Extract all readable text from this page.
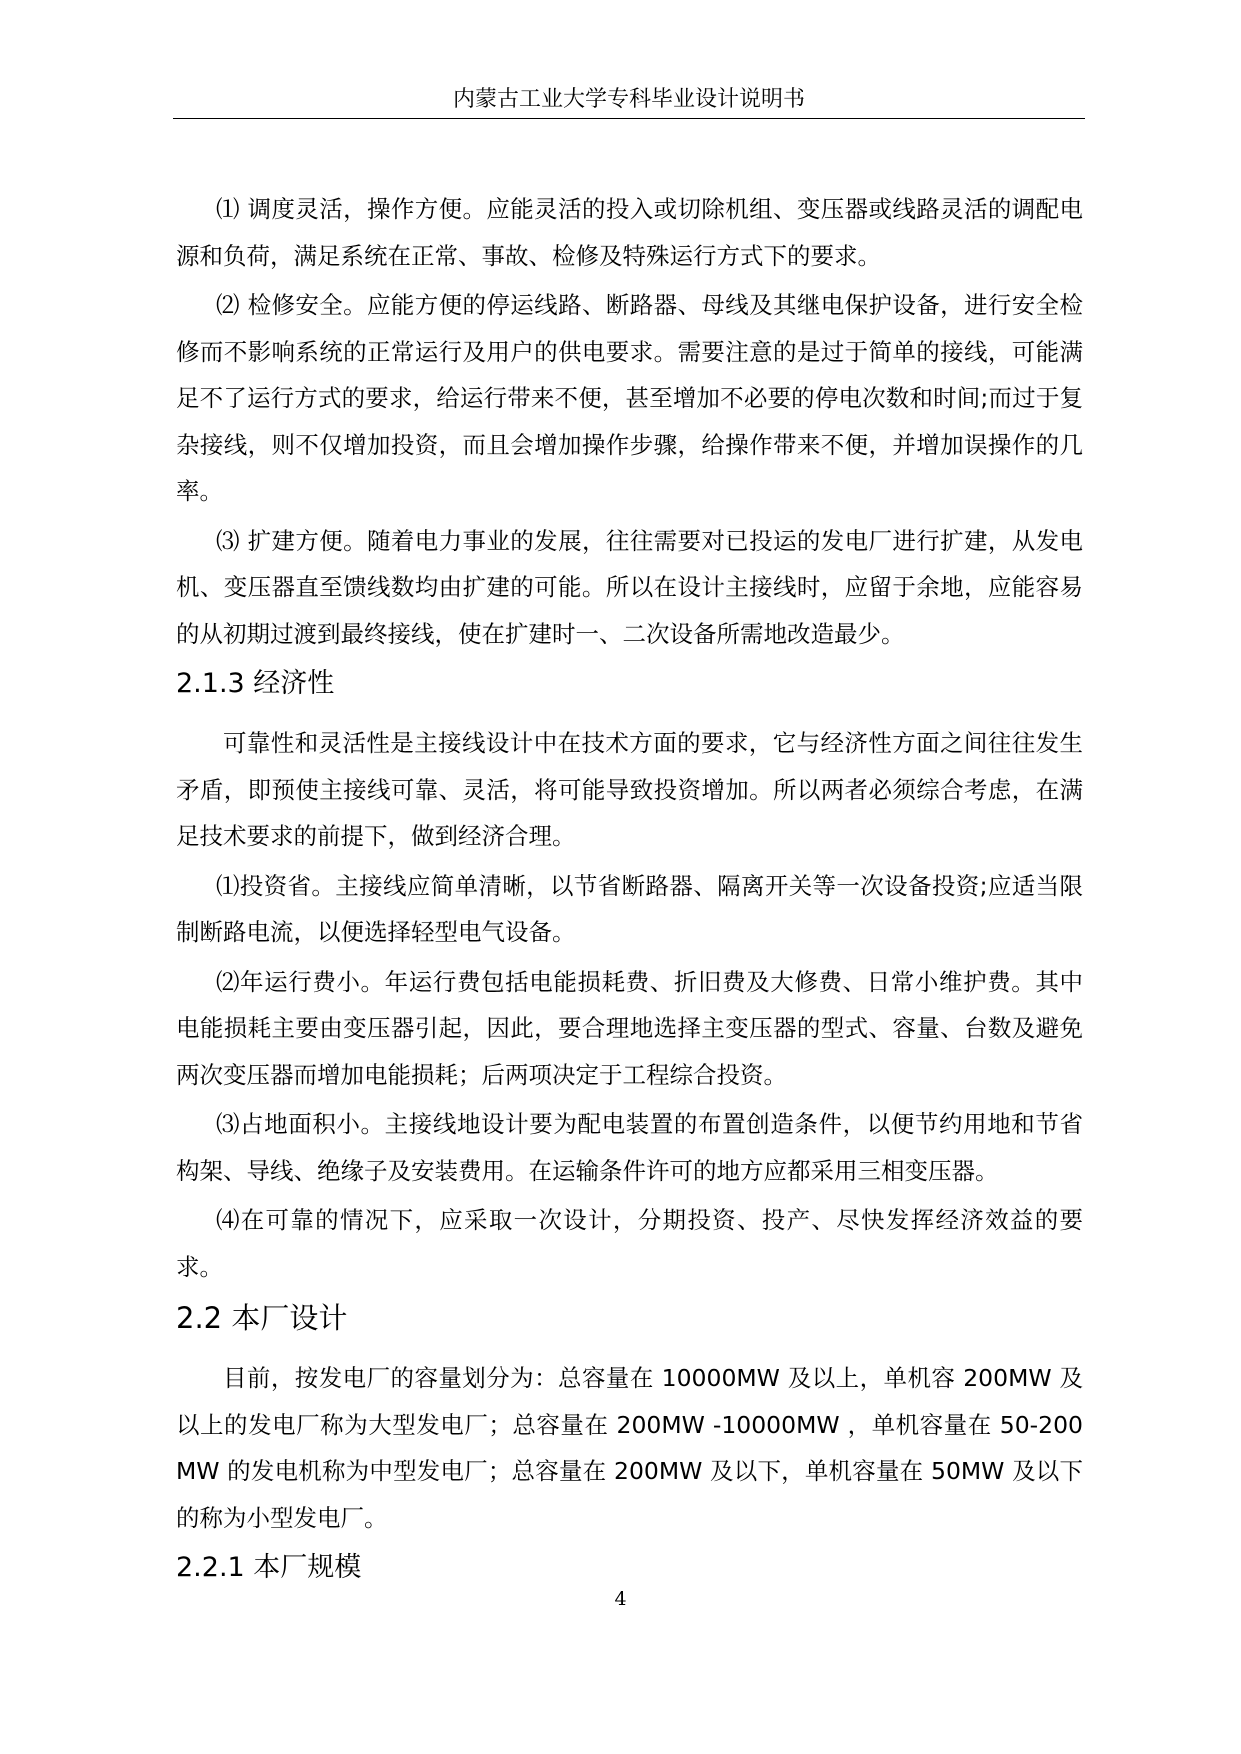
内蒙古工业大学专科毕业设计说明书

⑴ 调度灵活，操作方便。应能灵活的投入或切除机组、变压器或线路灵活的调配电源和负荷，满足系统在正常、事故、检修及特殊运行方式下的要求。

⑵ 检修安全。应能方便的停运线路、断路器、母线及其继电保护设备，进行安全检修而不影响系统的正常运行及用户的供电要求。需要注意的是过于简单的接线，可能满足不了运行方式的要求，给运行带来不便，甚至增加不必要的停电次数和时间;而过于复杂接线，则不仅增加投资，而且会增加操作步骤，给操作带来不便，并增加误操作的几率。

⑶ 扩建方便。随着电力事业的发展，往往需要对已投运的发电厂进行扩建，从发电机、变压器直至馈线数均由扩建的可能。所以在设计主接线时，应留于余地，应能容易的从初期过渡到最终接线，使在扩建时一、二次设备所需地改造最少。

2.1.3 经济性

可靠性和灵活性是主接线设计中在技术方面的要求，它与经济性方面之间往往发生矛盾，即预使主接线可靠、灵活，将可能导致投资增加。所以两者必须综合考虑，在满足技术要求的前提下，做到经济合理。

⑴投资省。主接线应简单清晰，以节省断路器、隔离开关等一次设备投资;应适当限制断路电流，以便选择轻型电气设备。

⑵年运行费小。年运行费包括电能损耗费、折旧费及大修费、日常小维护费。其中电能损耗主要由变压器引起，因此，要合理地选择主变压器的型式、容量、台数及避免两次变压器而增加电能损耗；后两项决定于工程综合投资。

⑶占地面积小。主接线地设计要为配电装置的布置创造条件，以便节约用地和节省构架、导线、绝缘子及安装费用。在运输条件许可的地方应都采用三相变压器。

⑷在可靠的情况下，应采取一次设计，分期投资、投产、尽快发挥经济效益的要求。

2.2 本厂设计

目前，按发电厂的容量划分为：总容量在 10000MW 及以上，单机容 200MW 及以上的发电厂称为大型发电厂；总容量在 200MW -10000MW ，单机容量在 50-200 MW 的发电机称为中型发电厂；总容量在 200MW 及以下，单机容量在 50MW 及以下的称为小型发电厂。

2.2.1 本厂规模
4
